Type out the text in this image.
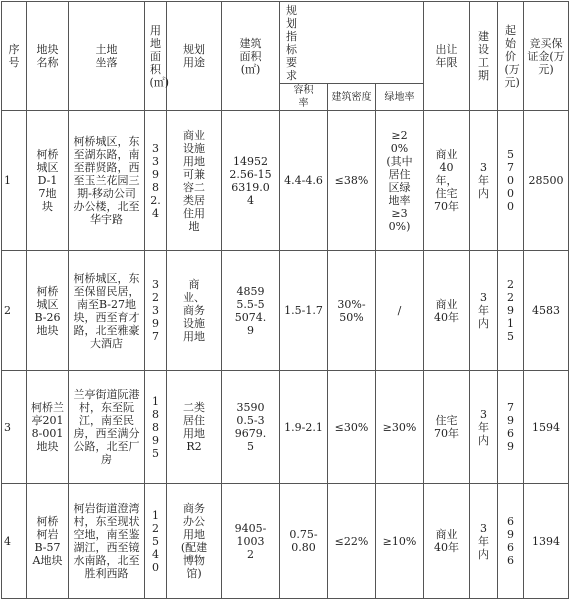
序号	地块名称	土地坐落	用地面积(㎡)	规划用途	建筑面积(㎡)	规划指标要求			出让年限	建设工期	起始价(万元)	竞买保证金(万元)

						容积率	建筑密度	绿地率				
1	柯桥城区D-17地块	柯桥城区，东至湖东路，南至群贤路，西至玉兰花园三期-移动公司办公楼，北至华宇路	33982.4	商业设施用地可兼容二类居住用地	149522.56-156319.04	4.4-4.6	≤38%	≥20%(其中居住区绿地率≥30%)	商业40年，住宅70年	3年内	57000	28500
2	柯桥城区B-26地块	柯桥城区，东至保留民居，南至B-27地块，西至育才路，北至雅豪大酒店	32397	商业、商务设施用地	48595.5-55074.9	1.5-1.7	30%-50%	/	商业40年	3年内	22915	4583
3	柯桥兰亭2018-001地块	兰亭街道阮港村，东至阮江，南至民房，西至满分公路，北至厂房	18895	二类居住用地R2	35900.5-39679.5	1.9-2.1	≤30%	≥30%	住宅70年	3年内	7969	1594
4	柯桥柯岩B-57A地块	柯岩街道澄湾村，东至现状空地，南至鉴湖江，西至镜水南路，北至胜利西路	12540	商务办公用地(配建博物馆)	9405-10032	0.75-0.80	≤22%	≥10%	商业40年	3年内	6966	1394
